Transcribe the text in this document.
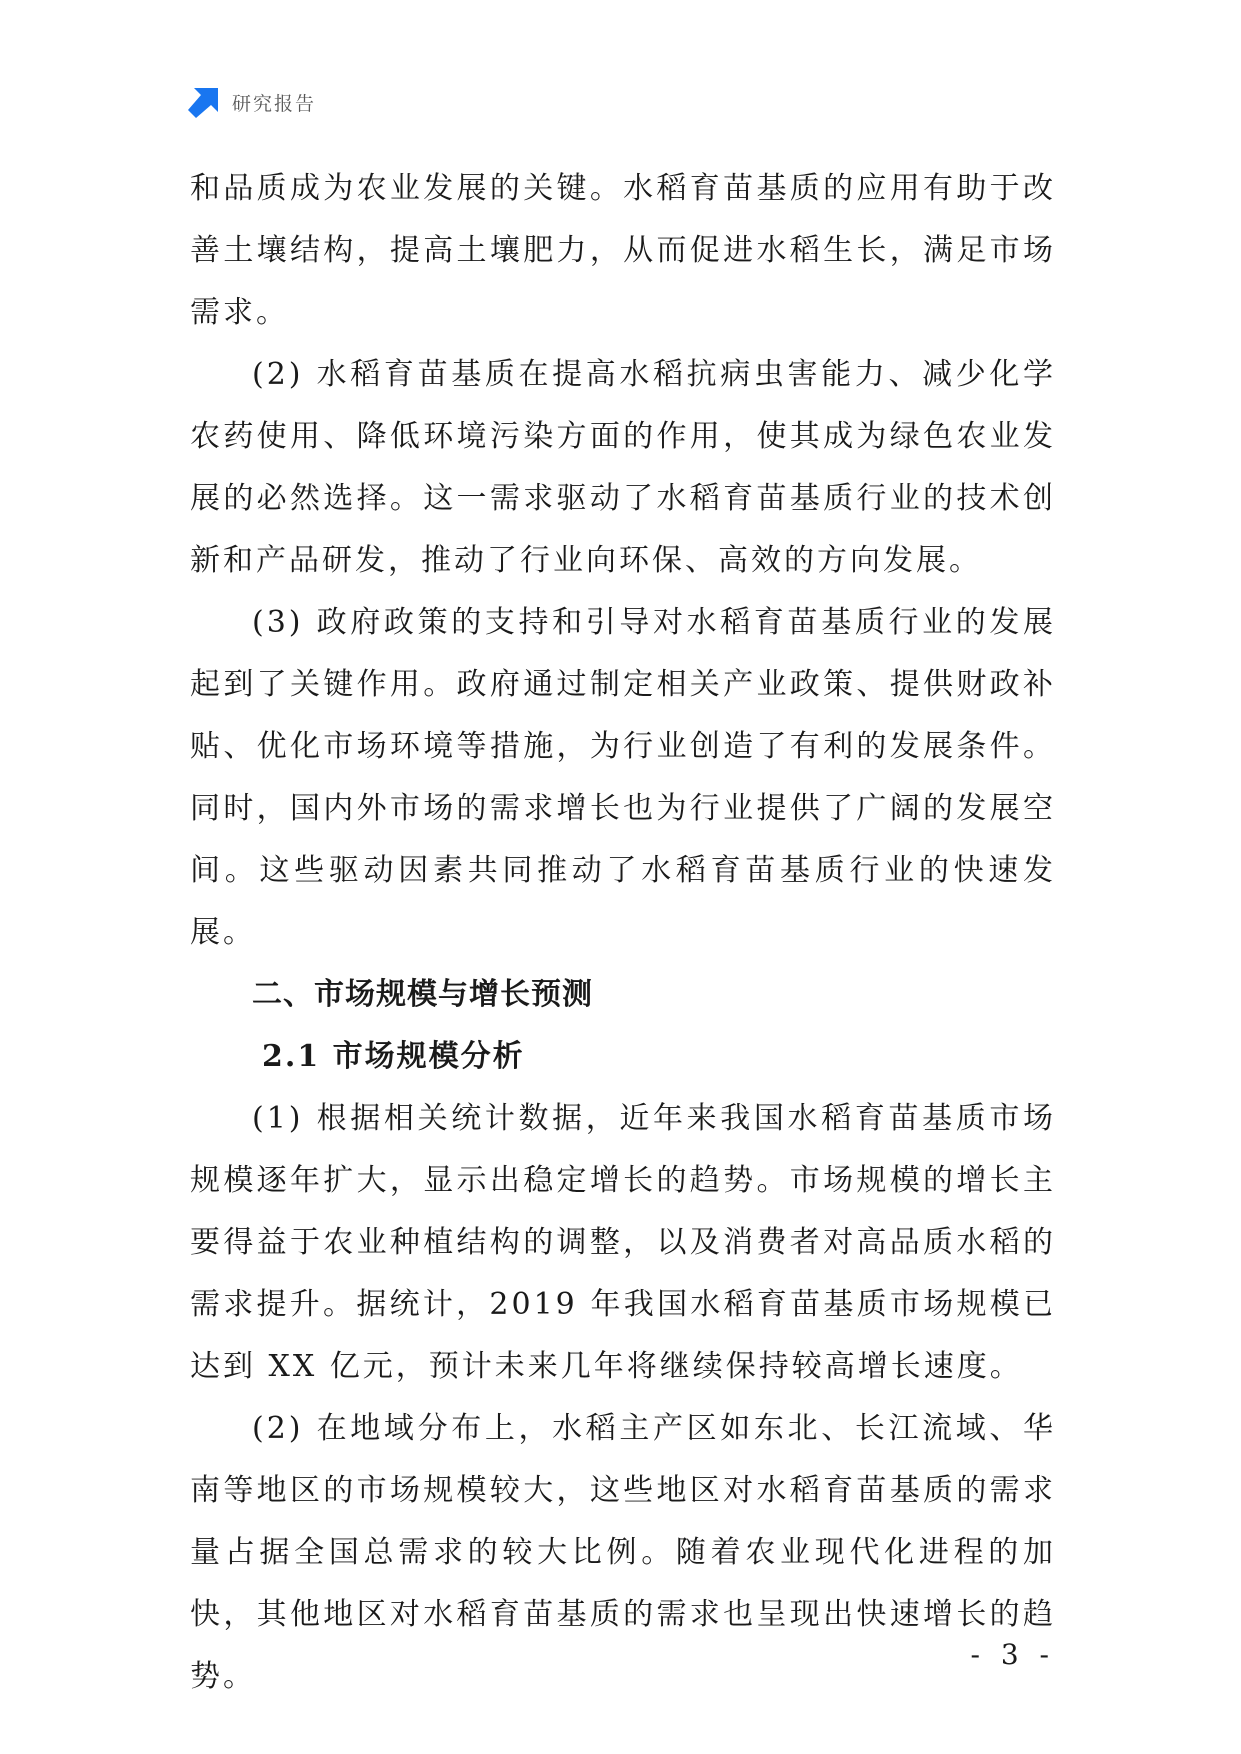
研究报告

和品质成为农业发展的关键。水稻育苗基质的应用有助于改善土壤结构，提高土壤肥力，从而促进水稻生长，满足市场需求。

(2) 水稻育苗基质在提高水稻抗病虫害能力、减少化学农药使用、降低环境污染方面的作用，使其成为绿色农业发展的必然选择。这一需求驱动了水稻育苗基质行业的技术创新和产品研发，推动了行业向环保、高效的方向发展。

(3) 政府政策的支持和引导对水稻育苗基质行业的发展起到了关键作用。政府通过制定相关产业政策、提供财政补贴、优化市场环境等措施，为行业创造了有利的发展条件。同时，国内外市场的需求增长也为行业提供了广阔的发展空间。这些驱动因素共同推动了水稻育苗基质行业的快速发展。

二、市场规模与增长预测
2.1 市场规模分析

(1) 根据相关统计数据，近年来我国水稻育苗基质市场规模逐年扩大，显示出稳定增长的趋势。市场规模的增长主要得益于农业种植结构的调整，以及消费者对高品质水稻的需求提升。据统计，2019 年我国水稻育苗基质市场规模已达到 XX 亿元，预计未来几年将继续保持较高增长速度。

(2) 在地域分布上，水稻主产区如东北、长江流域、华南等地区的市场规模较大，这些地区对水稻育苗基质的需求量占据全国总需求的较大比例。随着农业现代化进程的加快，其他地区对水稻育苗基质的需求也呈现出快速增长的趋势。

- 3 -
